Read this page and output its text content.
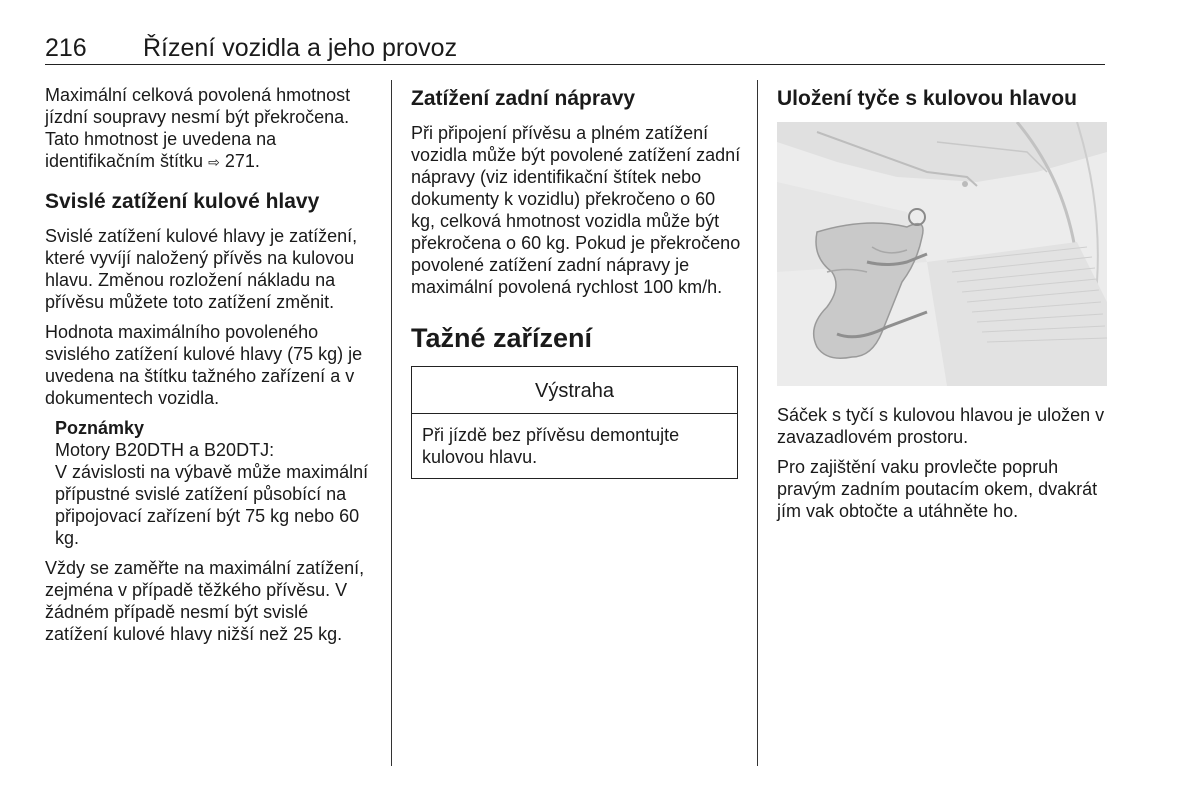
216 Řízení vozidla a jeho provoz

Maximální celková povolená hmotnost jízdní soupravy nesmí být překročena. Tato hmotnost je uvedena na identifikačním štítku ⇨ 271.

Svislé zatížení kulové hlavy

Svislé zatížení kulové hlavy je zatížení, které vyvíjí naložený přívěs na kulovou hlavu. Změnou rozložení nákladu na přívěsu můžete toto zatížení změnit.

Hodnota maximálního povoleného svislého zatížení kulové hlavy (75 kg) je uvedena na štítku tažného zařízení a v dokumentech vozidla.

Poznámky
Motory B20DTH a B20DTJ:
V závislosti na výbavě může maximální přípustné svislé zatížení působící na připojovací zařízení být 75 kg nebo 60 kg.

Vždy se zaměřte na maximální zatížení, zejména v případě těžkého přívěsu. V žádném případě nesmí být svislé zatížení kulové hlavy nižší než 25 kg.

Zatížení zadní nápravy

Při připojení přívěsu a plném zatížení vozidla může být povolené zatížení zadní nápravy (viz identifikační štítek nebo dokumenty k vozidlu) překročeno o 60 kg, celková hmotnost vozidla může být překročena o 60 kg. Pokud je překročeno povolené zatížení zadní nápravy je maximální povolená rychlost 100 km/h.

Tažné zařízení
Výstraha
Při jízdě bez přívěsu demontujte kulovou hlavu.
Uložení tyče s kulovou hlavou

Sáček s tyčí s kulovou hlavou je uložen v zavazadlovém prostoru.

Pro zajištění vaku provlečte popruh pravým zadním poutacím okem, dvakrát jím vak obtočte a utáhněte ho.
